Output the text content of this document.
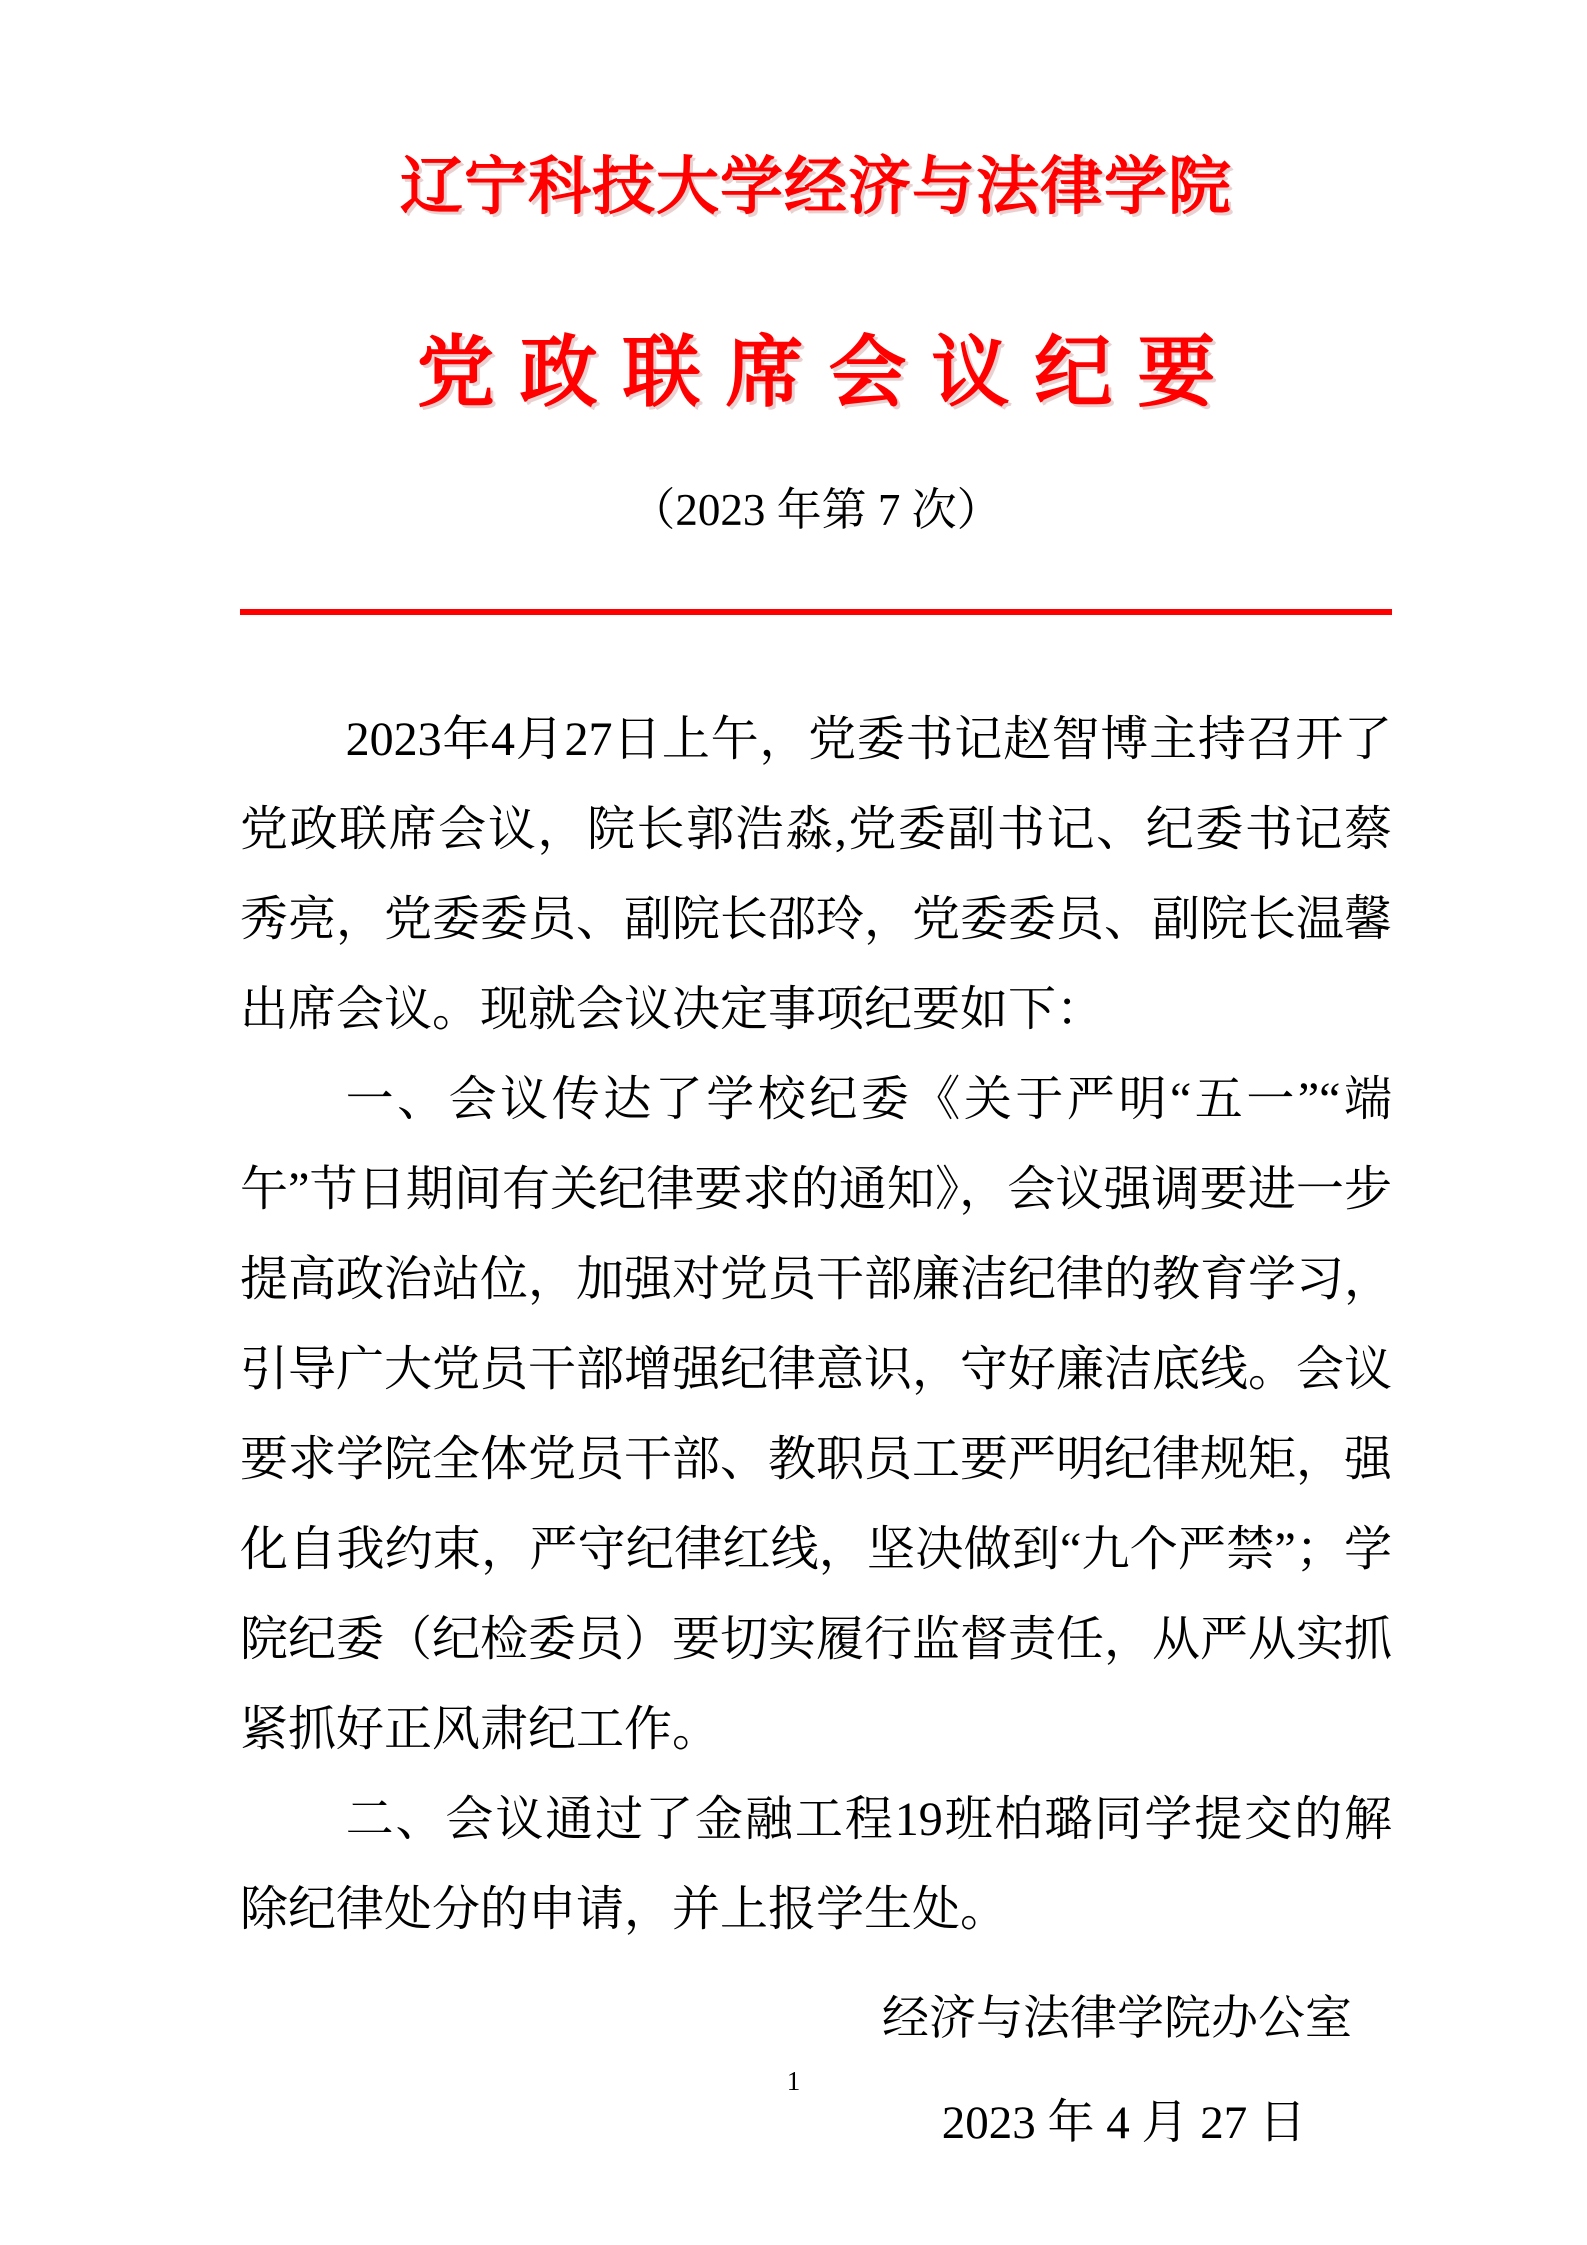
辽宁科技大学经济与法律学院
党政联席会议纪要
（2023 年第 7 次）

2023年4月27日上午，党委书记赵智博主持召开了党政联席会议，院长郭浩淼,党委副书记、纪委书记蔡秀亮，党委委员、副院长邵玲，党委委员、副院长温馨出席会议。现就会议决定事项纪要如下：

一、会议传达了学校纪委《关于严明“五一”“端午”节日期间有关纪律要求的通知》，会议强调要进一步提高政治站位，加强对党员干部廉洁纪律的教育学习，引导广大党员干部增强纪律意识，守好廉洁底线。会议要求学院全体党员干部、教职员工要严明纪律规矩，强化自我约束，严守纪律红线，坚决做到“九个严禁”；学院纪委（纪检委员）要切实履行监督责任，从严从实抓紧抓好正风肃纪工作。

二、会议通过了金融工程19班柏璐同学提交的解除纪律处分的申请，并上报学生处。

经济与法律学院办公室
2023 年 4 月 27 日
1
